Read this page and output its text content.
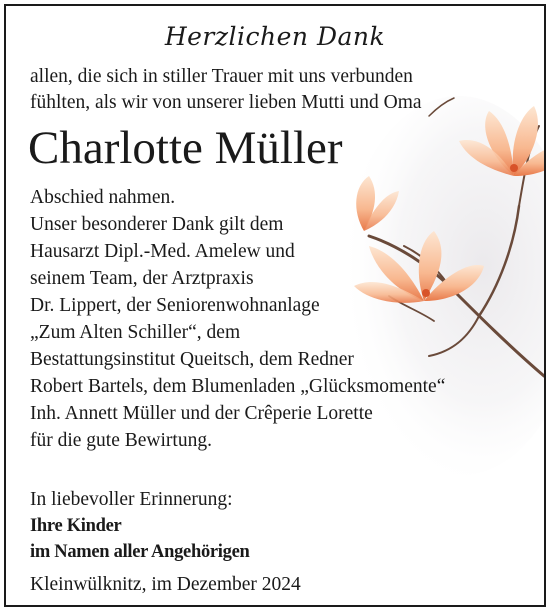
Herzlichen Dank
allen, die sich in stiller Trauer mit uns verbunden
fühlten, als wir von unserer lieben Mutti und Oma
Charlotte Müller
Abschied nahmen.
Unser besonderer Dank gilt dem
Hausarzt Dipl.-Med. Amelew und
seinem Team, der Arztpraxis
Dr. Lippert, der Seniorenwohnanlage
„Zum Alten Schiller“, dem
Bestattungsinstitut Queitsch, dem Redner
Robert Bartels, dem Blumenladen „Glücksmomente“
Inh. Annett Müller und der Crêperie Lorette
für die gute Bewirtung.
In liebevoller Erinnerung:
Ihre Kinder
im Namen aller Angehörigen
Kleinwülknitz, im Dezember 2024
